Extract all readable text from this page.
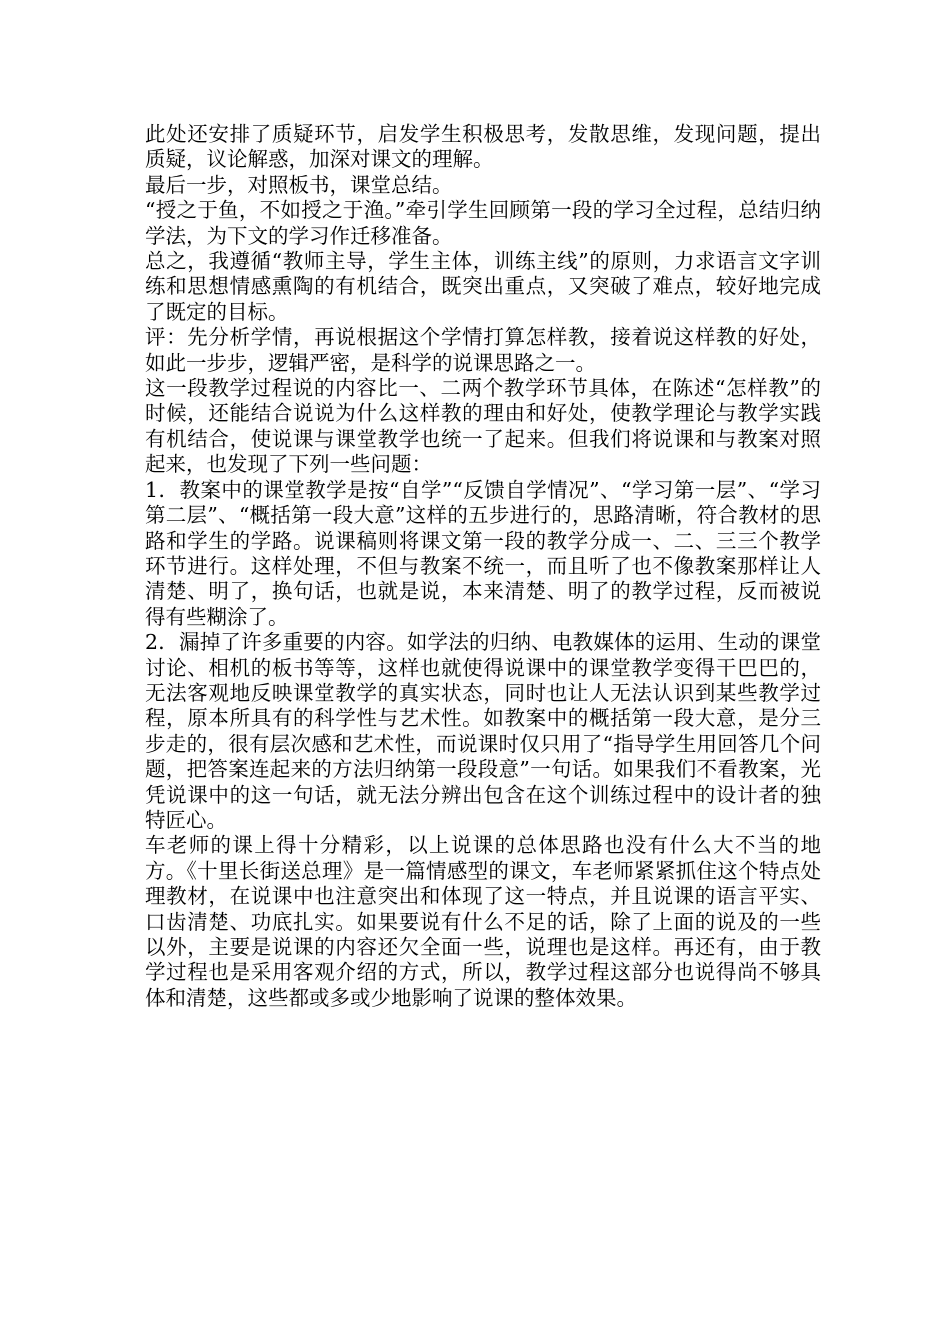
此处还安排了质疑环节，启发学生积极思考，发散思维，发现问题，提出质疑，议论解惑，加深对课文的理解。

最后一步，对照板书，课堂总结。

“授之于鱼，不如授之于渔。”牵引学生回顾第一段的学习全过程，总结归纳学法，为下文的学习作迁移准备。

总之，我遵循“教师主导，学生主体，训练主线”的原则，力求语言文字训练和思想情感熏陶的有机结合，既突出重点，又突破了难点，较好地完成了既定的目标。

评：先分析学情，再说根据这个学情打算怎样教，接着说这样教的好处，如此一步步，逻辑严密，是科学的说课思路之一。

这一段教学过程说的内容比一、二两个教学环节具体，在陈述“怎样教”的时候，还能结合说说为什么这样教的理由和好处，使教学理论与教学实践有机结合，使说课与课堂教学也统一了起来。但我们将说课和与教案对照起来，也发现了下列一些问题：

1．教案中的课堂教学是按“自学”“反馈自学情况”、“学习第一层”、“学习第二层”、“概括第一段大意”这样的五步进行的，思路清晰，符合教材的思路和学生的学路。说课稿则将课文第一段的教学分成一、二、三三个教学环节进行。这样处理，不但与教案不统一，而且听了也不像教案那样让人清楚、明了，换句话，也就是说，本来清楚、明了的教学过程，反而被说得有些糊涂了。

2．漏掉了许多重要的内容。如学法的归纳、电教媒体的运用、生动的课堂讨论、相机的板书等等，这样也就使得说课中的课堂教学变得干巴巴的，无法客观地反映课堂教学的真实状态，同时也让人无法认识到某些教学过程，原本所具有的科学性与艺术性。如教案中的概括第一段大意，是分三步走的，很有层次感和艺术性，而说课时仅只用了“指导学生用回答几个问题，把答案连起来的方法归纳第一段段意”一句话。如果我们不看教案，光凭说课中的这一句话，就无法分辨出包含在这个训练过程中的设计者的独特匠心。

车老师的课上得十分精彩，以上说课的总体思路也没有什么大不当的地方。《十里长街送总理》是一篇情感型的课文，车老师紧紧抓住这个特点处理教材，在说课中也注意突出和体现了这一特点，并且说课的语言平实、口齿清楚、功底扎实。如果要说有什么不足的话，除了上面的说及的一些以外，主要是说课的内容还欠全面一些，说理也是这样。再还有，由于教学过程也是采用客观介绍的方式，所以，教学过程这部分也说得尚不够具体和清楚，这些都或多或少地影响了说课的整体效果。
